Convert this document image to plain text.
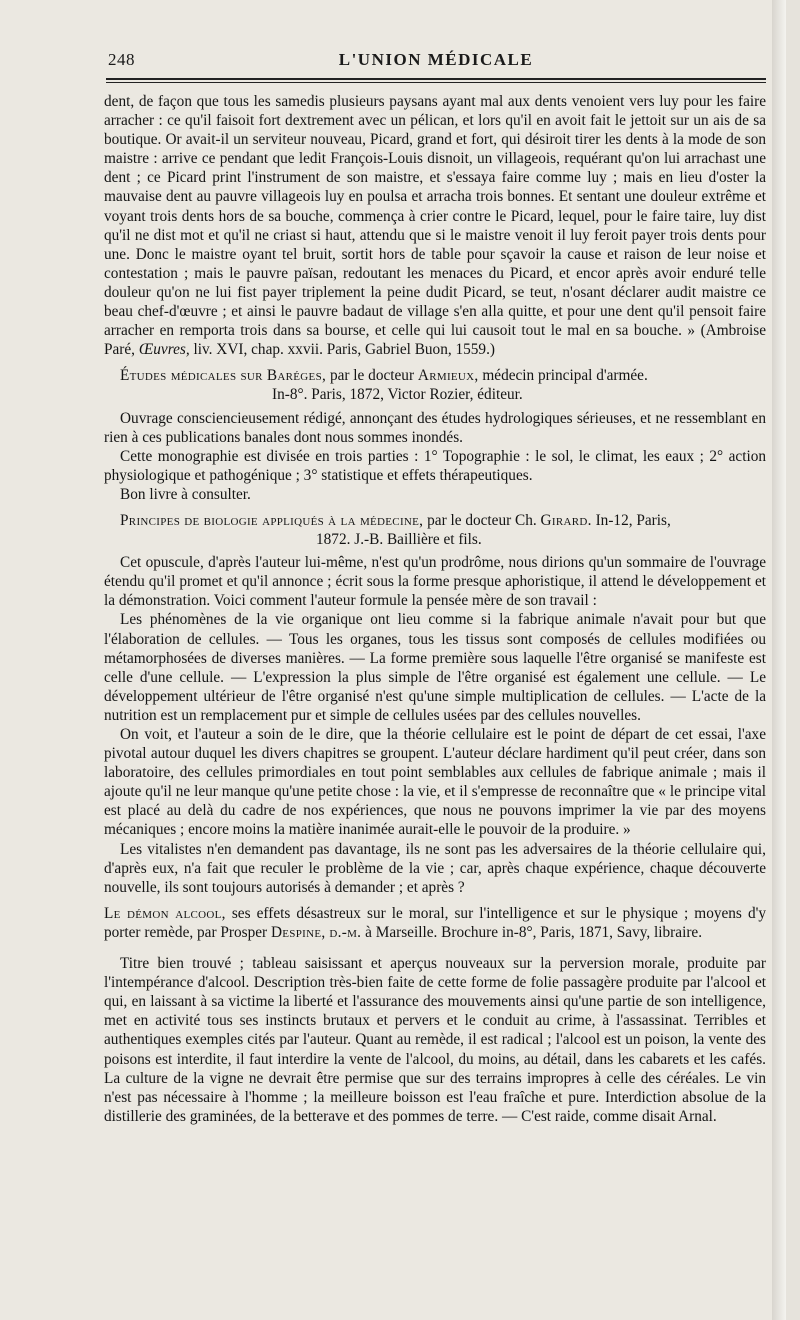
248	L'UNION MÉDICALE

dent, de façon que tous les samedis plusieurs paysans ayant mal aux dents venoient vers luy pour les faire arracher : ce qu'il faisoit fort dextrement avec un pélican, et lors qu'il en avoit fait le jettoit sur un ais de sa boutique. Or avait-il un serviteur nouveau, Picard, grand et fort, qui désiroit tirer les dents à la mode de son maistre : arrive ce pendant que ledit François-Louis disnoit, un villageois, requérant qu'on lui arrachast une dent ; ce Picard print l'instrument de son maistre, et s'essaya faire comme luy ; mais en lieu d'oster la mauvaise dent au pauvre villageois luy en poulsa et arracha trois bonnes. Et sentant une douleur extrême et voyant trois dents hors de sa bouche, commença à crier contre le Picard, lequel, pour le faire taire, luy dist qu'il ne dist mot et qu'il ne criast si haut, attendu que si le maistre venoit il luy feroit payer trois dents pour une. Donc le maistre oyant tel bruit, sortit hors de table pour sçavoir la cause et raison de leur noise et contestation ; mais le pauvre païsan, redoutant les menaces du Picard, et encor après avoir enduré telle douleur qu'on ne lui fist payer triplement la peine dudit Picard, se teut, n'osant déclarer audit maistre ce beau chef-d'œuvre ; et ainsi le pauvre badaut de village s'en alla quitte, et pour une dent qu'il pensoit faire arracher en remporta trois dans sa bourse, et celle qui lui causoit tout le mal en sa bouche. » (Ambroise Paré, Œuvres, liv. XVI, chap. xxvii. Paris, Gabriel Buon, 1559.)

Études médicales sur Baréges, par le docteur Armieux, médecin principal d'armée.
In-8°. Paris, 1872, Victor Rozier, éditeur.

Ouvrage consciencieusement rédigé, annonçant des études hydrologiques sérieuses, et ne ressemblant en rien à ces publications banales dont nous sommes inondés.

Cette monographie est divisée en trois parties : 1° Topographie : le sol, le climat, les eaux ; 2° action physiologique et pathogénique ; 3° statistique et effets thérapeutiques.

Bon livre à consulter.

Principes de biologie appliqués à la médecine, par le docteur Ch. Girard. In-12, Paris,
1872. J.-B. Baillière et fils.

Cet opuscule, d'après l'auteur lui-même, n'est qu'un prodrôme, nous dirions qu'un sommaire de l'ouvrage étendu qu'il promet et qu'il annonce ; écrit sous la forme presque aphoristique, il attend le développement et la démonstration. Voici comment l'auteur formule la pensée mère de son travail :

Les phénomènes de la vie organique ont lieu comme si la fabrique animale n'avait pour but que l'élaboration de cellules. — Tous les organes, tous les tissus sont composés de cellules modifiées ou métamorphosées de diverses manières. — La forme première sous laquelle l'être organisé se manifeste est celle d'une cellule. — L'expression la plus simple de l'être organisé est également une cellule. — Le développement ultérieur de l'être organisé n'est qu'une simple multiplication de cellules. — L'acte de la nutrition est un remplacement pur et simple de cellules usées par des cellules nouvelles.

On voit, et l'auteur a soin de le dire, que la théorie cellulaire est le point de départ de cet essai, l'axe pivotal autour duquel les divers chapitres se groupent. L'auteur déclare hardiment qu'il peut créer, dans son laboratoire, des cellules primordiales en tout point semblables aux cellules de fabrique animale ; mais il ajoute qu'il ne leur manque qu'une petite chose : la vie, et il s'empresse de reconnaître que « le principe vital est placé au delà du cadre de nos expériences, que nous ne pouvons imprimer la vie par des moyens mécaniques ; encore moins la matière inanimée aurait-elle le pouvoir de la produire. »

Les vitalistes n'en demandent pas davantage, ils ne sont pas les adversaires de la théorie cellulaire qui, d'après eux, n'a fait que reculer le problème de la vie ; car, après chaque expérience, chaque découverte nouvelle, ils sont toujours autorisés à demander ; et après ?

Le démon alcool, ses effets désastreux sur le moral, sur l'intelligence et sur le physique ; moyens d'y porter remède, par Prosper Despine, d.-m. à Marseille. Brochure in-8°, Paris, 1871, Savy, libraire.

Titre bien trouvé ; tableau saisissant et aperçus nouveaux sur la perversion morale, produite par l'intempérance d'alcool. Description très-bien faite de cette forme de folie passagère produite par l'alcool et qui, en laissant à sa victime la liberté et l'assurance des mouvements ainsi qu'une partie de son intelligence, met en activité tous ses instincts brutaux et pervers et le conduit au crime, à l'assassinat. Terribles et authentiques exemples cités par l'auteur. Quant au remède, il est radical ; l'alcool est un poison, la vente des poisons est interdite, il faut interdire la vente de l'alcool, du moins, au détail, dans les cabarets et les cafés. La culture de la vigne ne devrait être permise que sur des terrains impropres à celle des céréales. Le vin n'est pas nécessaire à l'homme ; la meilleure boisson est l'eau fraîche et pure. Interdiction absolue de la distillerie des graminées, de la betterave et des pommes de terre. — C'est raide, comme disait Arnal.
